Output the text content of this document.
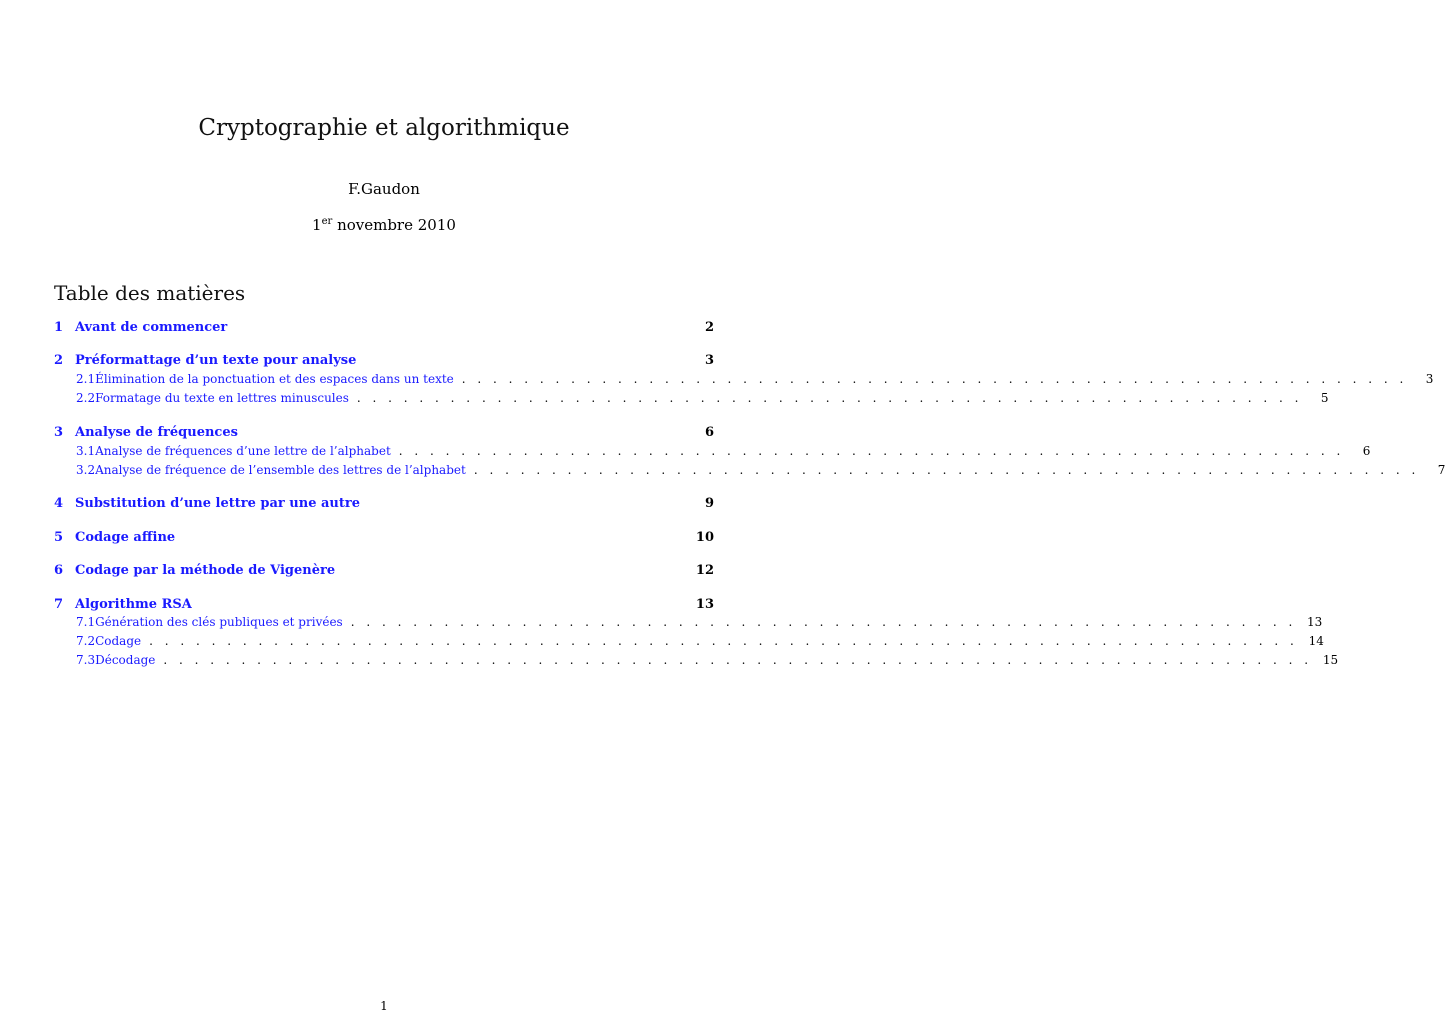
Cryptographie et algorithmique
F.Gaudon
1er novembre 2010
Table des matières
1 Avant de commencer	2
2 Préformattage d’un texte pour analyse	3
2.1 Élimination de la ponctuation et des espaces dans un texte . . . . . . . . . . . . . . . . . . . . . . . . . . . . . . . . . . . . . . . . . . . . . . . . . . . . . . . . . . . . .	3
2.2 Formatage du texte en lettres minuscules . . . . . . . . . . . . . . . . . . . . . . . . . . . . . . . . . . . . . . . . . . . . . . . . . . . . . . . . . . . . .	5
3 Analyse de fréquences	6
3.1 Analyse de fréquences d’une lettre de l’alphabet . . . . . . . . . . . . . . . . . . . . . . . . . . . . . . . . . . . . . . . . . . . . . . . . . . . . . . . . . . . . .	6
3.2 Analyse de fréquence de l’ensemble des lettres de l’alphabet . . . . . . . . . . . . . . . . . . . . . . . . . . . . . . . . . . . . . . . . . . . . . . . . . . . . . . . . . . . . .	7
4 Substitution d’une lettre par une autre	9
5 Codage affine	10
6 Codage par la méthode de Vigenère	12
7 Algorithme RSA	13
7.1 Génération des clés publiques et privées . . . . . . . . . . . . . . . . . . . . . . . . . . . . . . . . . . . . . . . . . . . . . . . . . . . . . . . . . . . . . 13
7.2 Codage . . . . . . . . . . . . . . . . . . . . . . . . . . . . . . . . . . . . . . . . . . . . . . . . . . . . . . . . . . . . . . . . . . . . . . . . . . 14
7.3 Décodage . . . . . . . . . . . . . . . . . . . . . . . . . . . . . . . . . . . . . . . . . . . . . . . . . . . . . . . . . . . . . . . . . . . . . . . . . . 15
1
